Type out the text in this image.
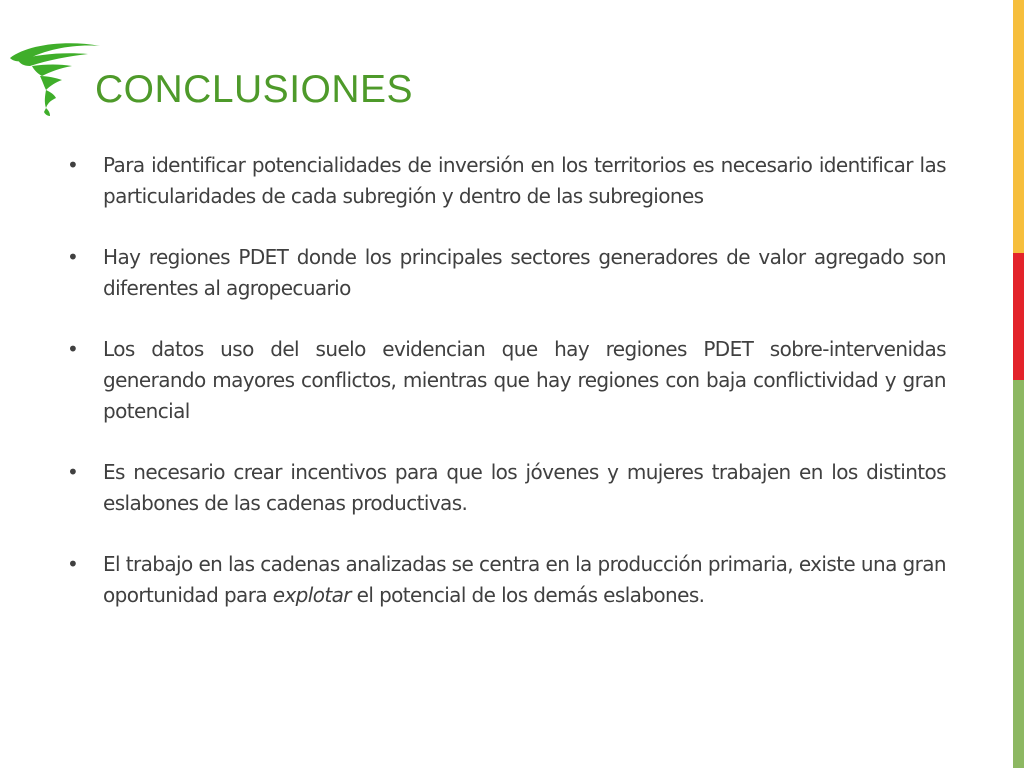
CONCLUSIONES
• Para identificar potencialidades de inversión en los territorios es necesario identificar las particularidades de cada subregión y dentro de las subregiones
• Hay regiones PDET donde los principales sectores generadores de valor agregado son diferentes al agropecuario
• Los datos uso del suelo evidencian que hay regiones PDET sobre-intervenidas generando mayores conflictos, mientras que hay regiones con baja conflictividad y gran potencial
• Es necesario crear incentivos para que los jóvenes y mujeres trabajen en los distintos eslabones de las cadenas productivas.
• El trabajo en las cadenas analizadas se centra en la producción primaria, existe una gran oportunidad para explotar el potencial de los demás eslabones.
